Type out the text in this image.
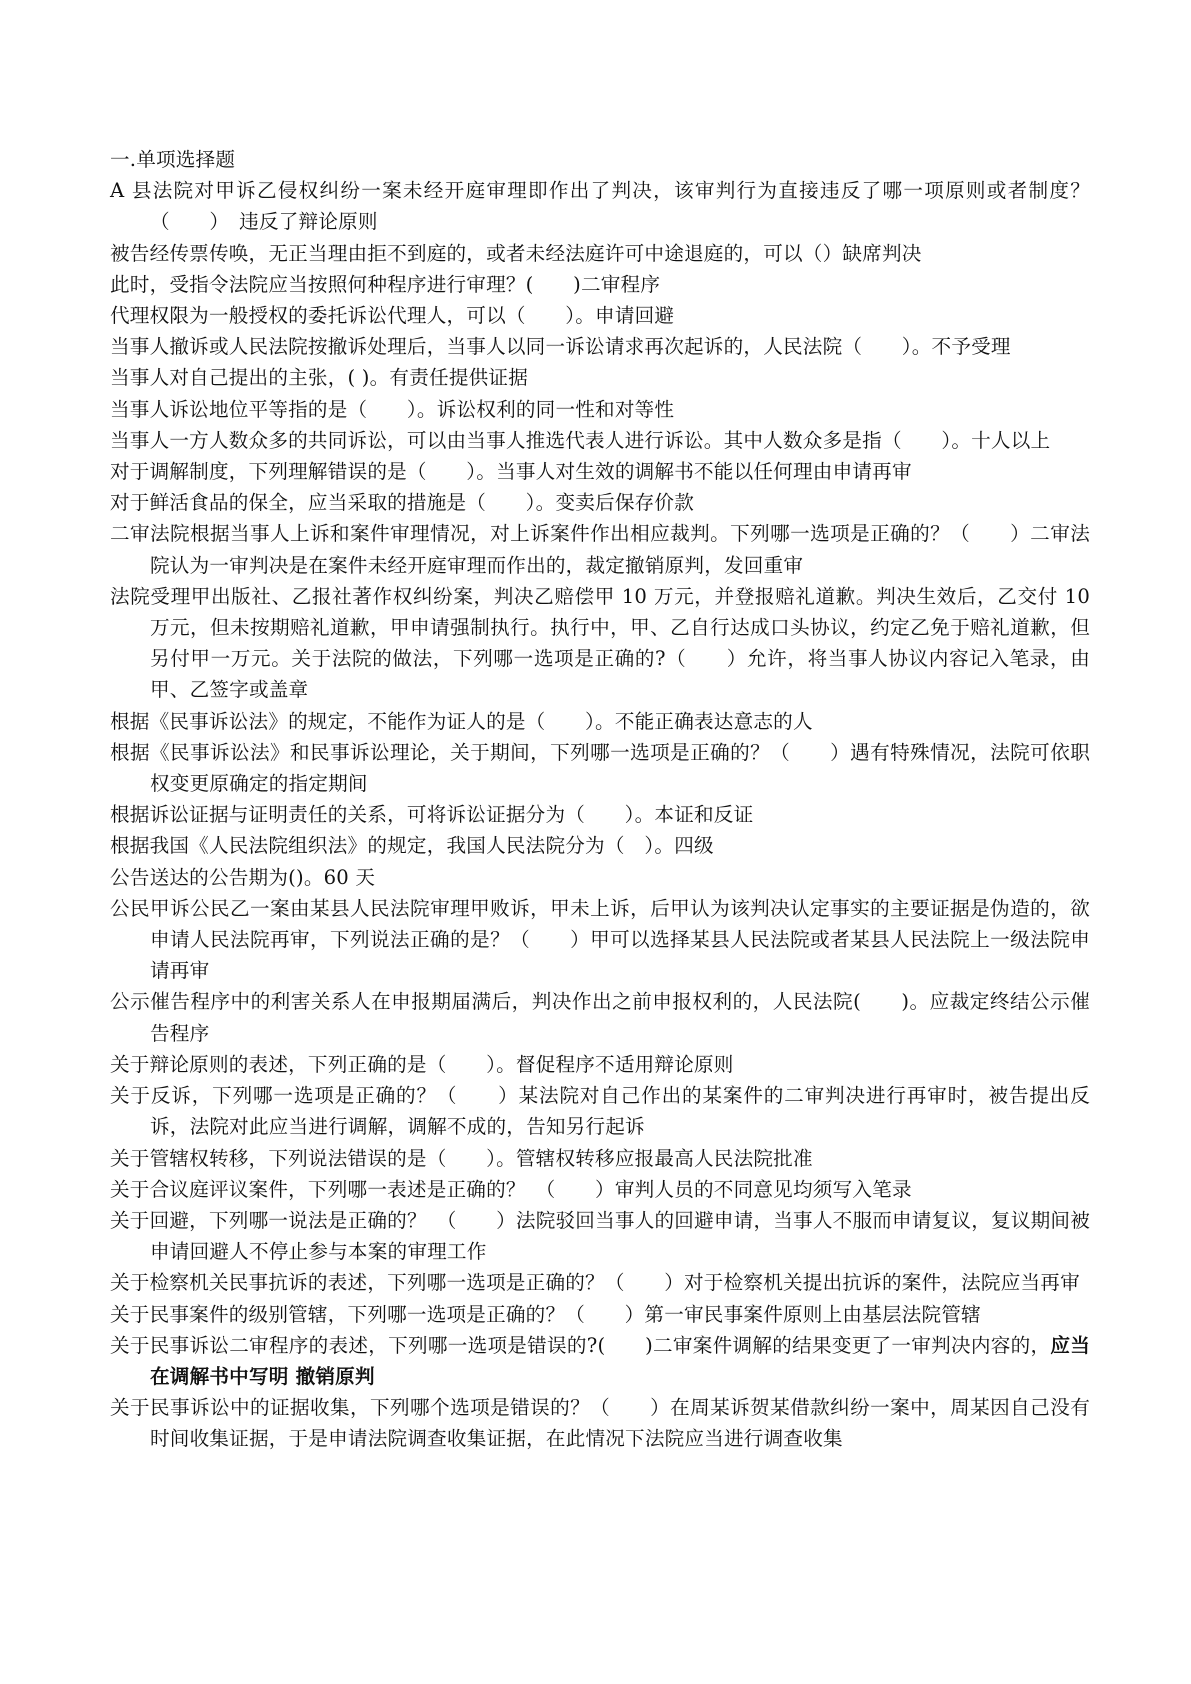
一.单项选择题

A 县法院对甲诉乙侵权纠纷一案未经开庭审理即作出了判决，该审判行为直接违反了哪一项原则或者制度？（　　）　违反了辩论原则

被告经传票传唤，无正当理由拒不到庭的，或者未经法庭许可中途退庭的，可以（）缺席判决

此时，受指令法院应当按照何种程序进行审理？(　　)二审程序

代理权限为一般授权的委托诉讼代理人，可以（　　）。申请回避

当事人撤诉或人民法院按撤诉处理后，当事人以同一诉讼请求再次起诉的，人民法院（　　）。不予受理

当事人对自己提出的主张，( )。有责任提供证据

当事人诉讼地位平等指的是（　　）。诉讼权利的同一性和对等性

当事人一方人数众多的共同诉讼，可以由当事人推选代表人进行诉讼。其中人数众多是指（　　）。十人以上

对于调解制度，下列理解错误的是（　　）。当事人对生效的调解书不能以任何理由申请再审

对于鲜活食品的保全，应当采取的措施是（　　）。变卖后保存价款

二审法院根据当事人上诉和案件审理情况，对上诉案件作出相应裁判。下列哪一选项是正确的？（　　）二审法院认为一审判决是在案件未经开庭审理而作出的，裁定撤销原判，发回重审

法院受理甲出版社、乙报社著作权纠纷案，判决乙赔偿甲 10 万元，并登报赔礼道歉。判决生效后，乙交付 10 万元，但未按期赔礼道歉，甲申请强制执行。执行中，甲、乙自行达成口头协议，约定乙免于赔礼道歉，但另付甲一万元。关于法院的做法，下列哪一选项是正确的?（　　）允许，将当事人协议内容记入笔录，由甲、乙签字或盖章

根据《民事诉讼法》的规定，不能作为证人的是（　　）。不能正确表达意志的人

根据《民事诉讼法》和民事诉讼理论，关于期间，下列哪一选项是正确的？（　　）遇有特殊情况，法院可依职权变更原确定的指定期间

根据诉讼证据与证明责任的关系，可将诉讼证据分为（　　）。本证和反证

根据我国《人民法院组织法》的规定，我国人民法院分为（　）。四级

公告送达的公告期为()。60 天

公民甲诉公民乙一案由某县人民法院审理甲败诉，甲未上诉，后甲认为该判决认定事实的主要证据是伪造的，欲申请人民法院再审，下列说法正确的是？（　　）甲可以选择某县人民法院或者某县人民法院上一级法院申请再审

公示催告程序中的利害关系人在申报期届满后，判决作出之前申报权利的，人民法院(　　)。应裁定终结公示催告程序

关于辩论原则的表述，下列正确的是（　　）。督促程序不适用辩论原则

关于反诉，下列哪一选项是正确的？（　　）某法院对自己作出的某案件的二审判决进行再审时，被告提出反诉，法院对此应当进行调解，调解不成的，告知另行起诉

关于管辖权转移，下列说法错误的是（　　）。管辖权转移应报最高人民法院批准

关于合议庭评议案件，下列哪一表述是正确的？　（　　）审判人员的不同意见均须写入笔录

关于回避，下列哪一说法是正确的？　（　　）法院驳回当事人的回避申请，当事人不服而申请复议，复议期间被申请回避人不停止参与本案的审理工作

关于检察机关民事抗诉的表述，下列哪一选项是正确的？（　　）对于检察机关提出抗诉的案件，法院应当再审

关于民事案件的级别管辖，下列哪一选项是正确的？（　　）第一审民事案件原则上由基层法院管辖

关于民事诉讼二审程序的表述，下列哪一选项是错误的?(　　)二审案件调解的结果变更了一审判决内容的，应当在调解书中写明 撤销原判

关于民事诉讼中的证据收集，下列哪个选项是错误的？（　　）在周某诉贺某借款纠纷一案中，周某因自己没有时间收集证据，于是申请法院调查收集证据，在此情况下法院应当进行调查收集
